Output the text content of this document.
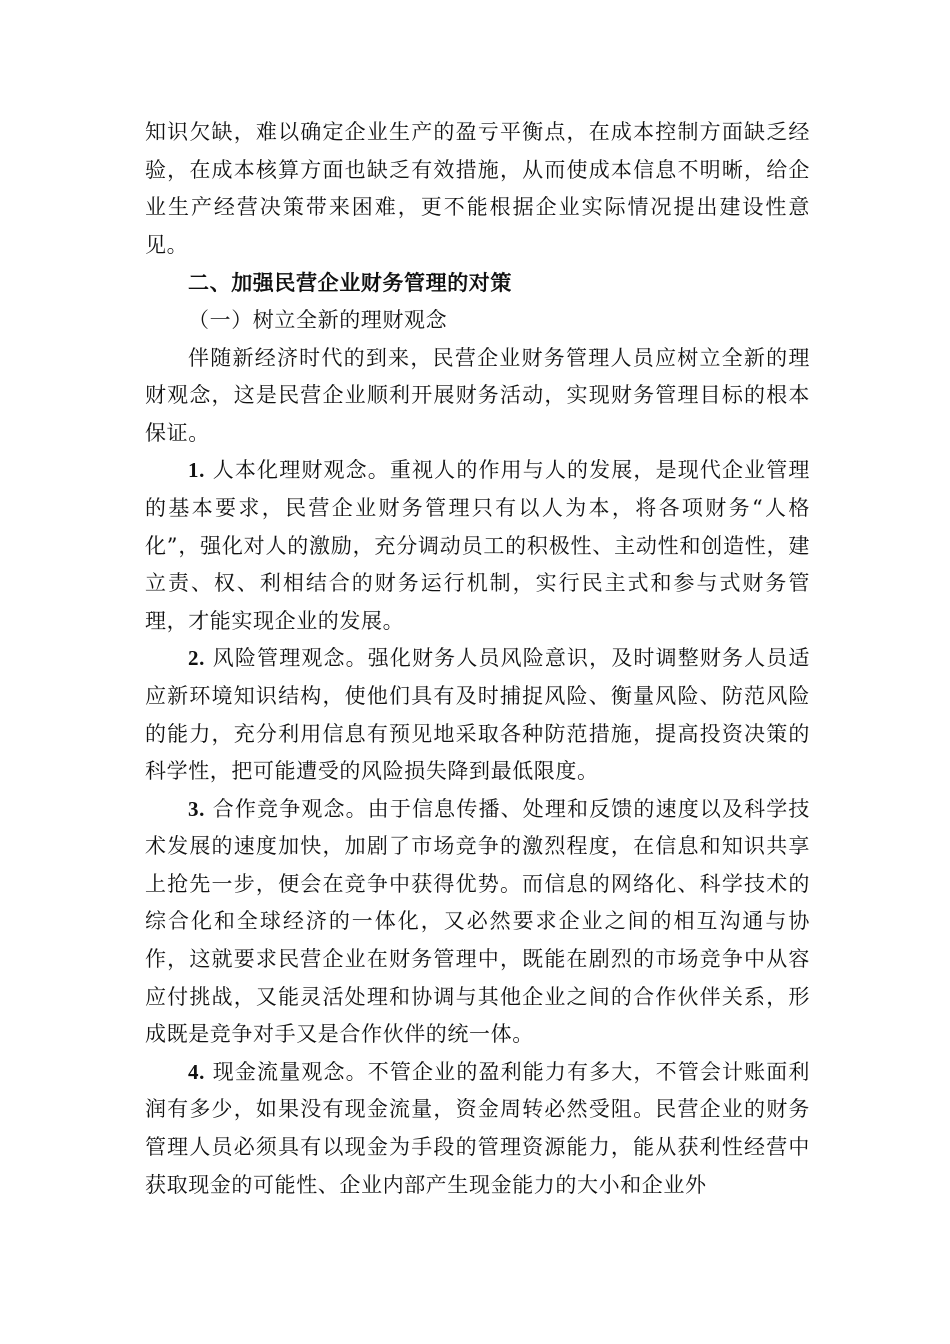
知识欠缺，难以确定企业生产的盈亏平衡点，在成本控制方面缺乏经验，在成本核算方面也缺乏有效措施，从而使成本信息不明晰，给企业生产经营决策带来困难，更不能根据企业实际情况提出建设性意见。

二、加强民营企业财务管理的对策

（一）树立全新的理财观念

伴随新经济时代的到来，民营企业财务管理人员应树立全新的理财观念，这是民营企业顺利开展财务活动，实现财务管理目标的根本保证。

1. 人本化理财观念。重视人的作用与人的发展，是现代企业管理的基本要求，民营企业财务管理只有以人为本，将各项财务“人格化”，强化对人的激励，充分调动员工的积极性、主动性和创造性，建立责、权、利相结合的财务运行机制，实行民主式和参与式财务管理，才能实现企业的发展。

2. 风险管理观念。强化财务人员风险意识，及时调整财务人员适应新环境知识结构，使他们具有及时捕捉风险、衡量风险、防范风险的能力，充分利用信息有预见地采取各种防范措施，提高投资决策的科学性，把可能遭受的风险损失降到最低限度。

3. 合作竞争观念。由于信息传播、处理和反馈的速度以及科学技术发展的速度加快，加剧了市场竞争的激烈程度，在信息和知识共享上抢先一步，便会在竞争中获得优势。而信息的网络化、科学技术的综合化和全球经济的一体化，又必然要求企业之间的相互沟通与协作，这就要求民营企业在财务管理中，既能在剧烈的市场竞争中从容应付挑战，又能灵活处理和协调与其他企业之间的合作伙伴关系，形成既是竞争对手又是合作伙伴的统一体。

4. 现金流量观念。不管企业的盈利能力有多大，不管会计账面利润有多少，如果没有现金流量，资金周转必然受阻。民营企业的财务管理人员必须具有以现金为手段的管理资源能力，能从获利性经营中获取现金的可能性、企业内部产生现金能力的大小和企业外
